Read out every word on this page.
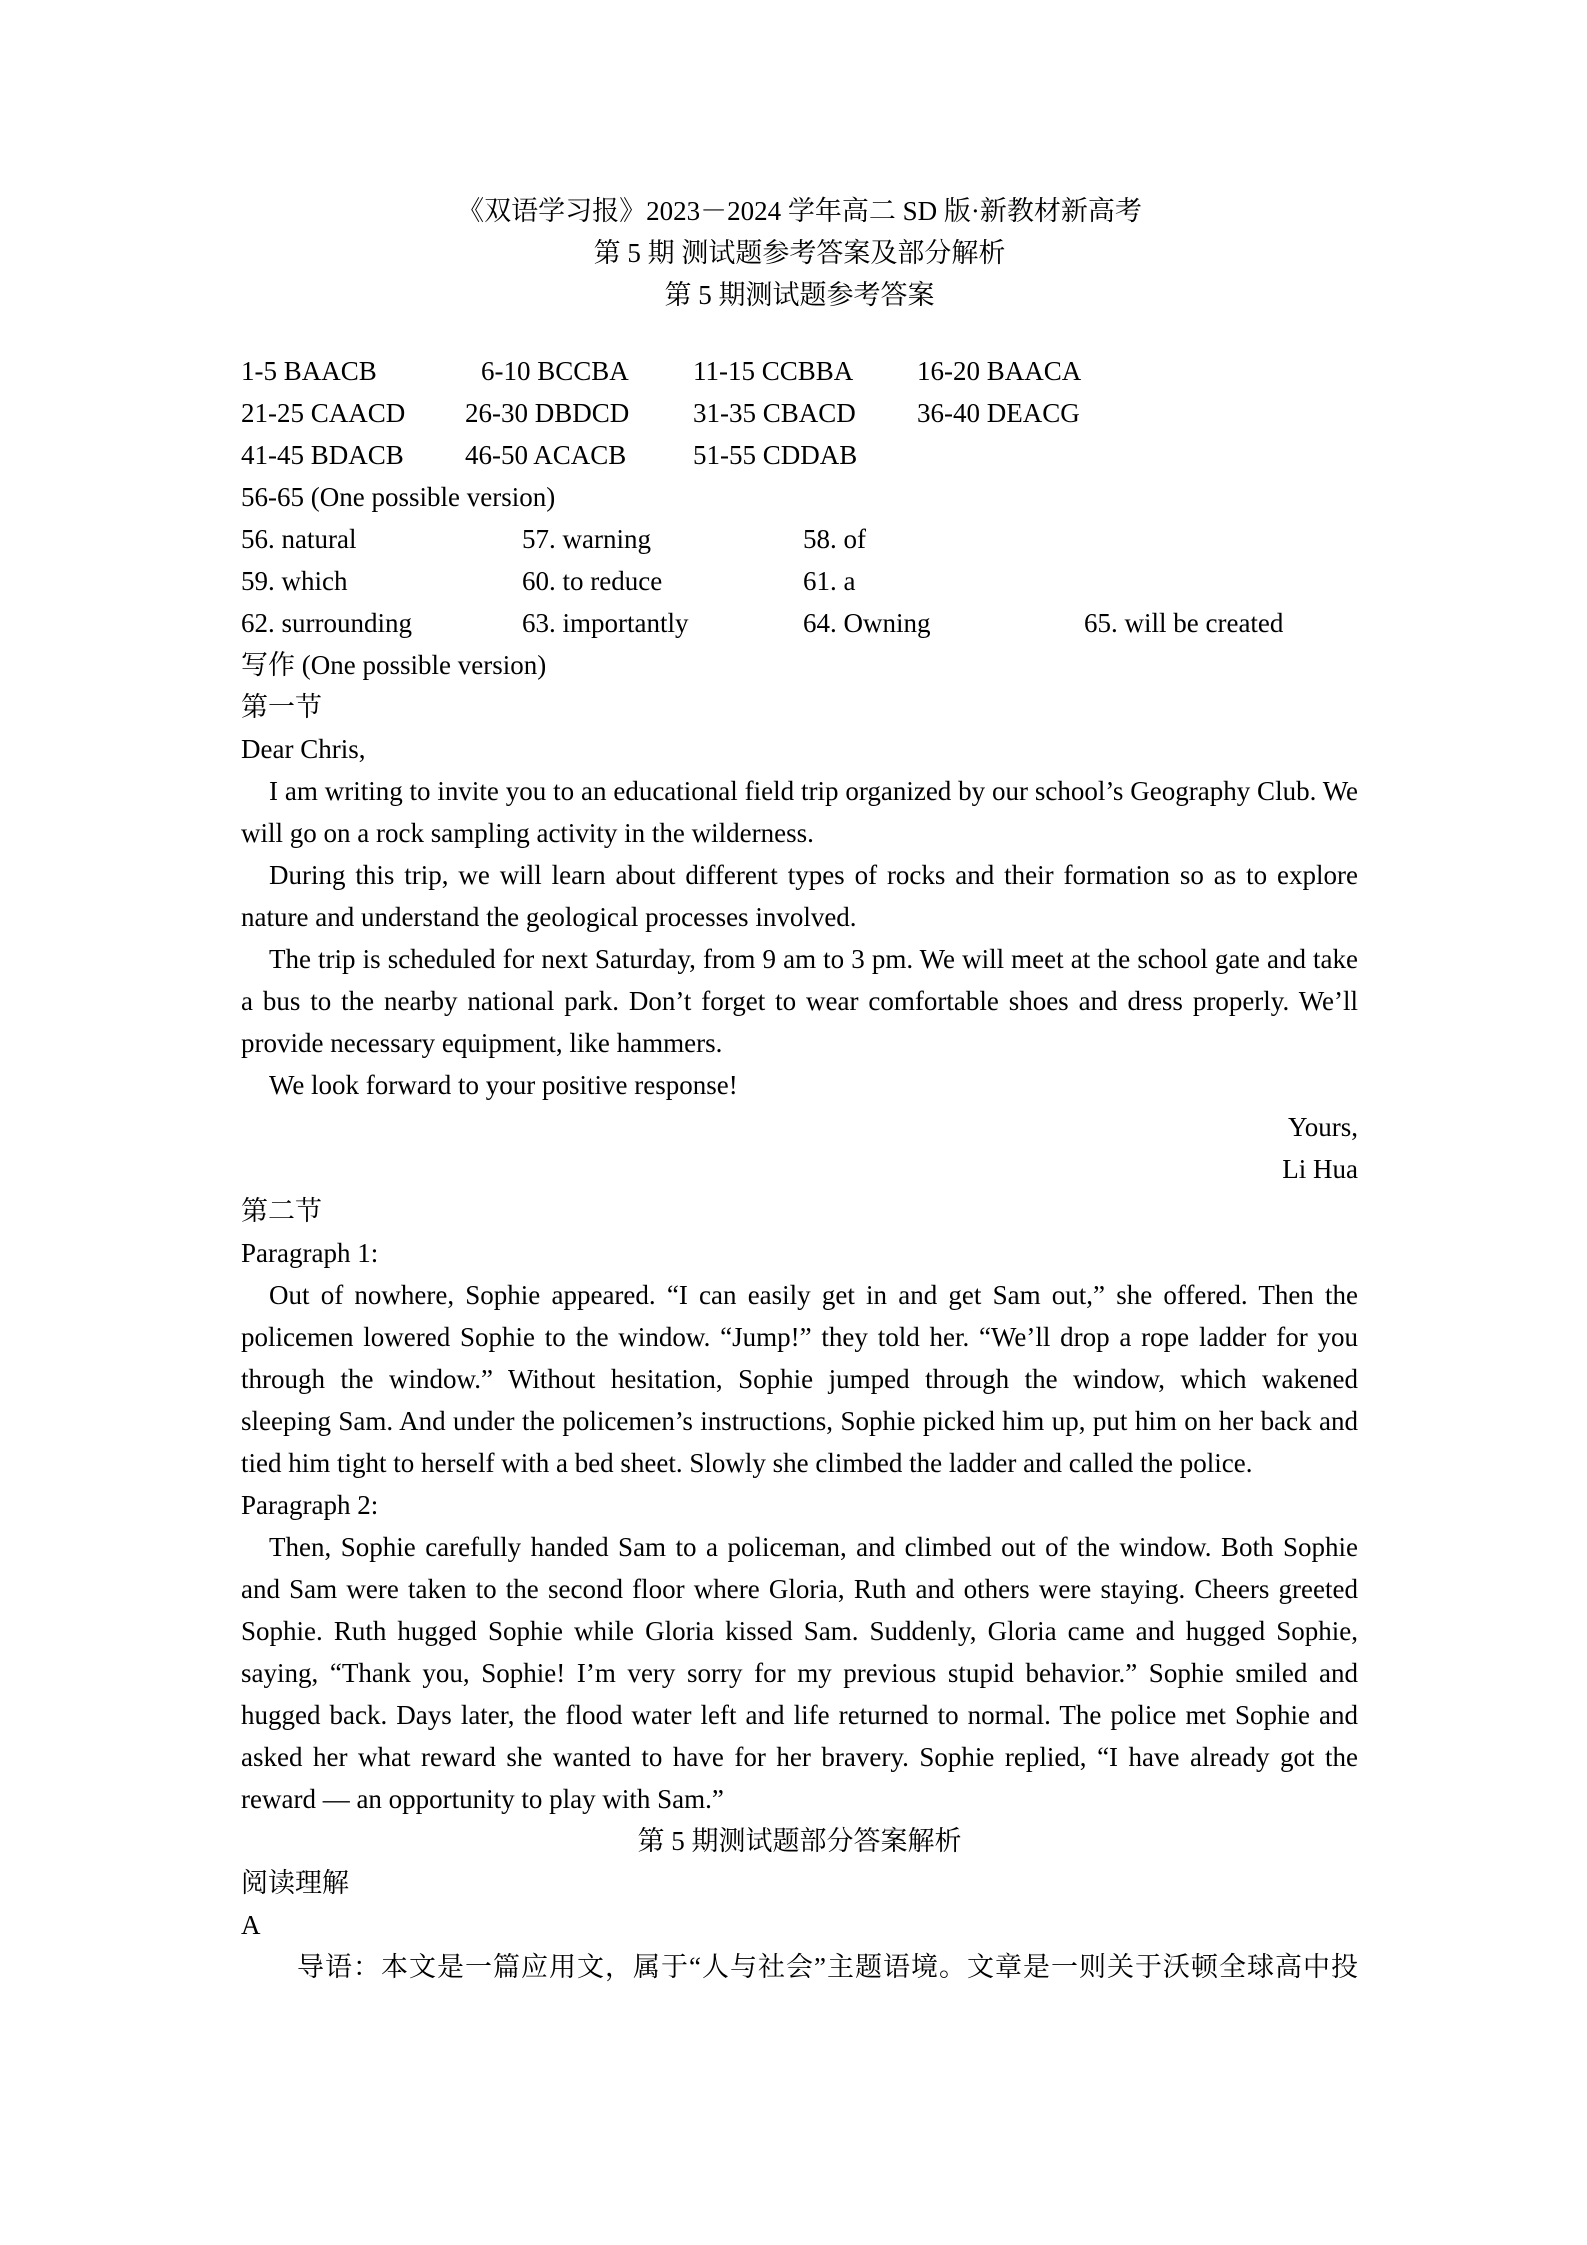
《双语学习报》2023－2024 学年高二 SD 版·新教材新高考
第 5 期 测试题参考答案及部分解析
第 5 期测试题参考答案
1-5 BAACB	6-10 BCCBA 11-15 CCBBA 16-20 BAACA
21-25 CAACD 26-30 DBDCD 31-35 CBACD 36-40 DEACG
41-45 BDACB 46-50 ACACB 51-55 CDDAB
56-65 (One possible version)
56. natural	57. warning	58. of
59. which	60. to reduce	61. a
62. surrounding	63. importantly	64. Owning	65. will be created
写作 (One possible version)
第一节
Dear Chris,
I am writing to invite you to an educational field trip organized by our school’s Geography Club. We will go on a rock sampling activity in the wilderness.
During this trip, we will learn about different types of rocks and their formation so as to explore nature and understand the geological processes involved.
The trip is scheduled for next Saturday, from 9 am to 3 pm. We will meet at the school gate and take a bus to the nearby national park. Don’t forget to wear comfortable shoes and dress properly. We’ll provide necessary equipment, like hammers.
We look forward to your positive response!
Yours,
Li Hua
第二节
Paragraph 1:
Out of nowhere, Sophie appeared. “I can easily get in and get Sam out,” she offered. Then the policemen lowered Sophie to the window. “Jump!” they told her. “We’ll drop a rope ladder for you through the window.” Without hesitation, Sophie jumped through the window, which wakened sleeping Sam. And under the policemen’s instructions, Sophie picked him up, put him on her back and tied him tight to herself with a bed sheet. Slowly she climbed the ladder and called the police.
Paragraph 2:
Then, Sophie carefully handed Sam to a policeman, and climbed out of the window. Both Sophie and Sam were taken to the second floor where Gloria, Ruth and others were staying. Cheers greeted Sophie. Ruth hugged Sophie while Gloria kissed Sam. Suddenly, Gloria came and hugged Sophie, saying, “Thank you, Sophie! I’m very sorry for my previous stupid behavior.” Sophie smiled and hugged back. Days later, the flood water left and life returned to normal. The police met Sophie and asked her what reward she wanted to have for her bravery. Sophie replied, “I have already got the reward — an opportunity to play with Sam.”
第 5 期测试题部分答案解析
阅读理解
A
导语：本文是一篇应用文，属于“人与社会”主题语境。文章是一则关于沃顿全球高中投
